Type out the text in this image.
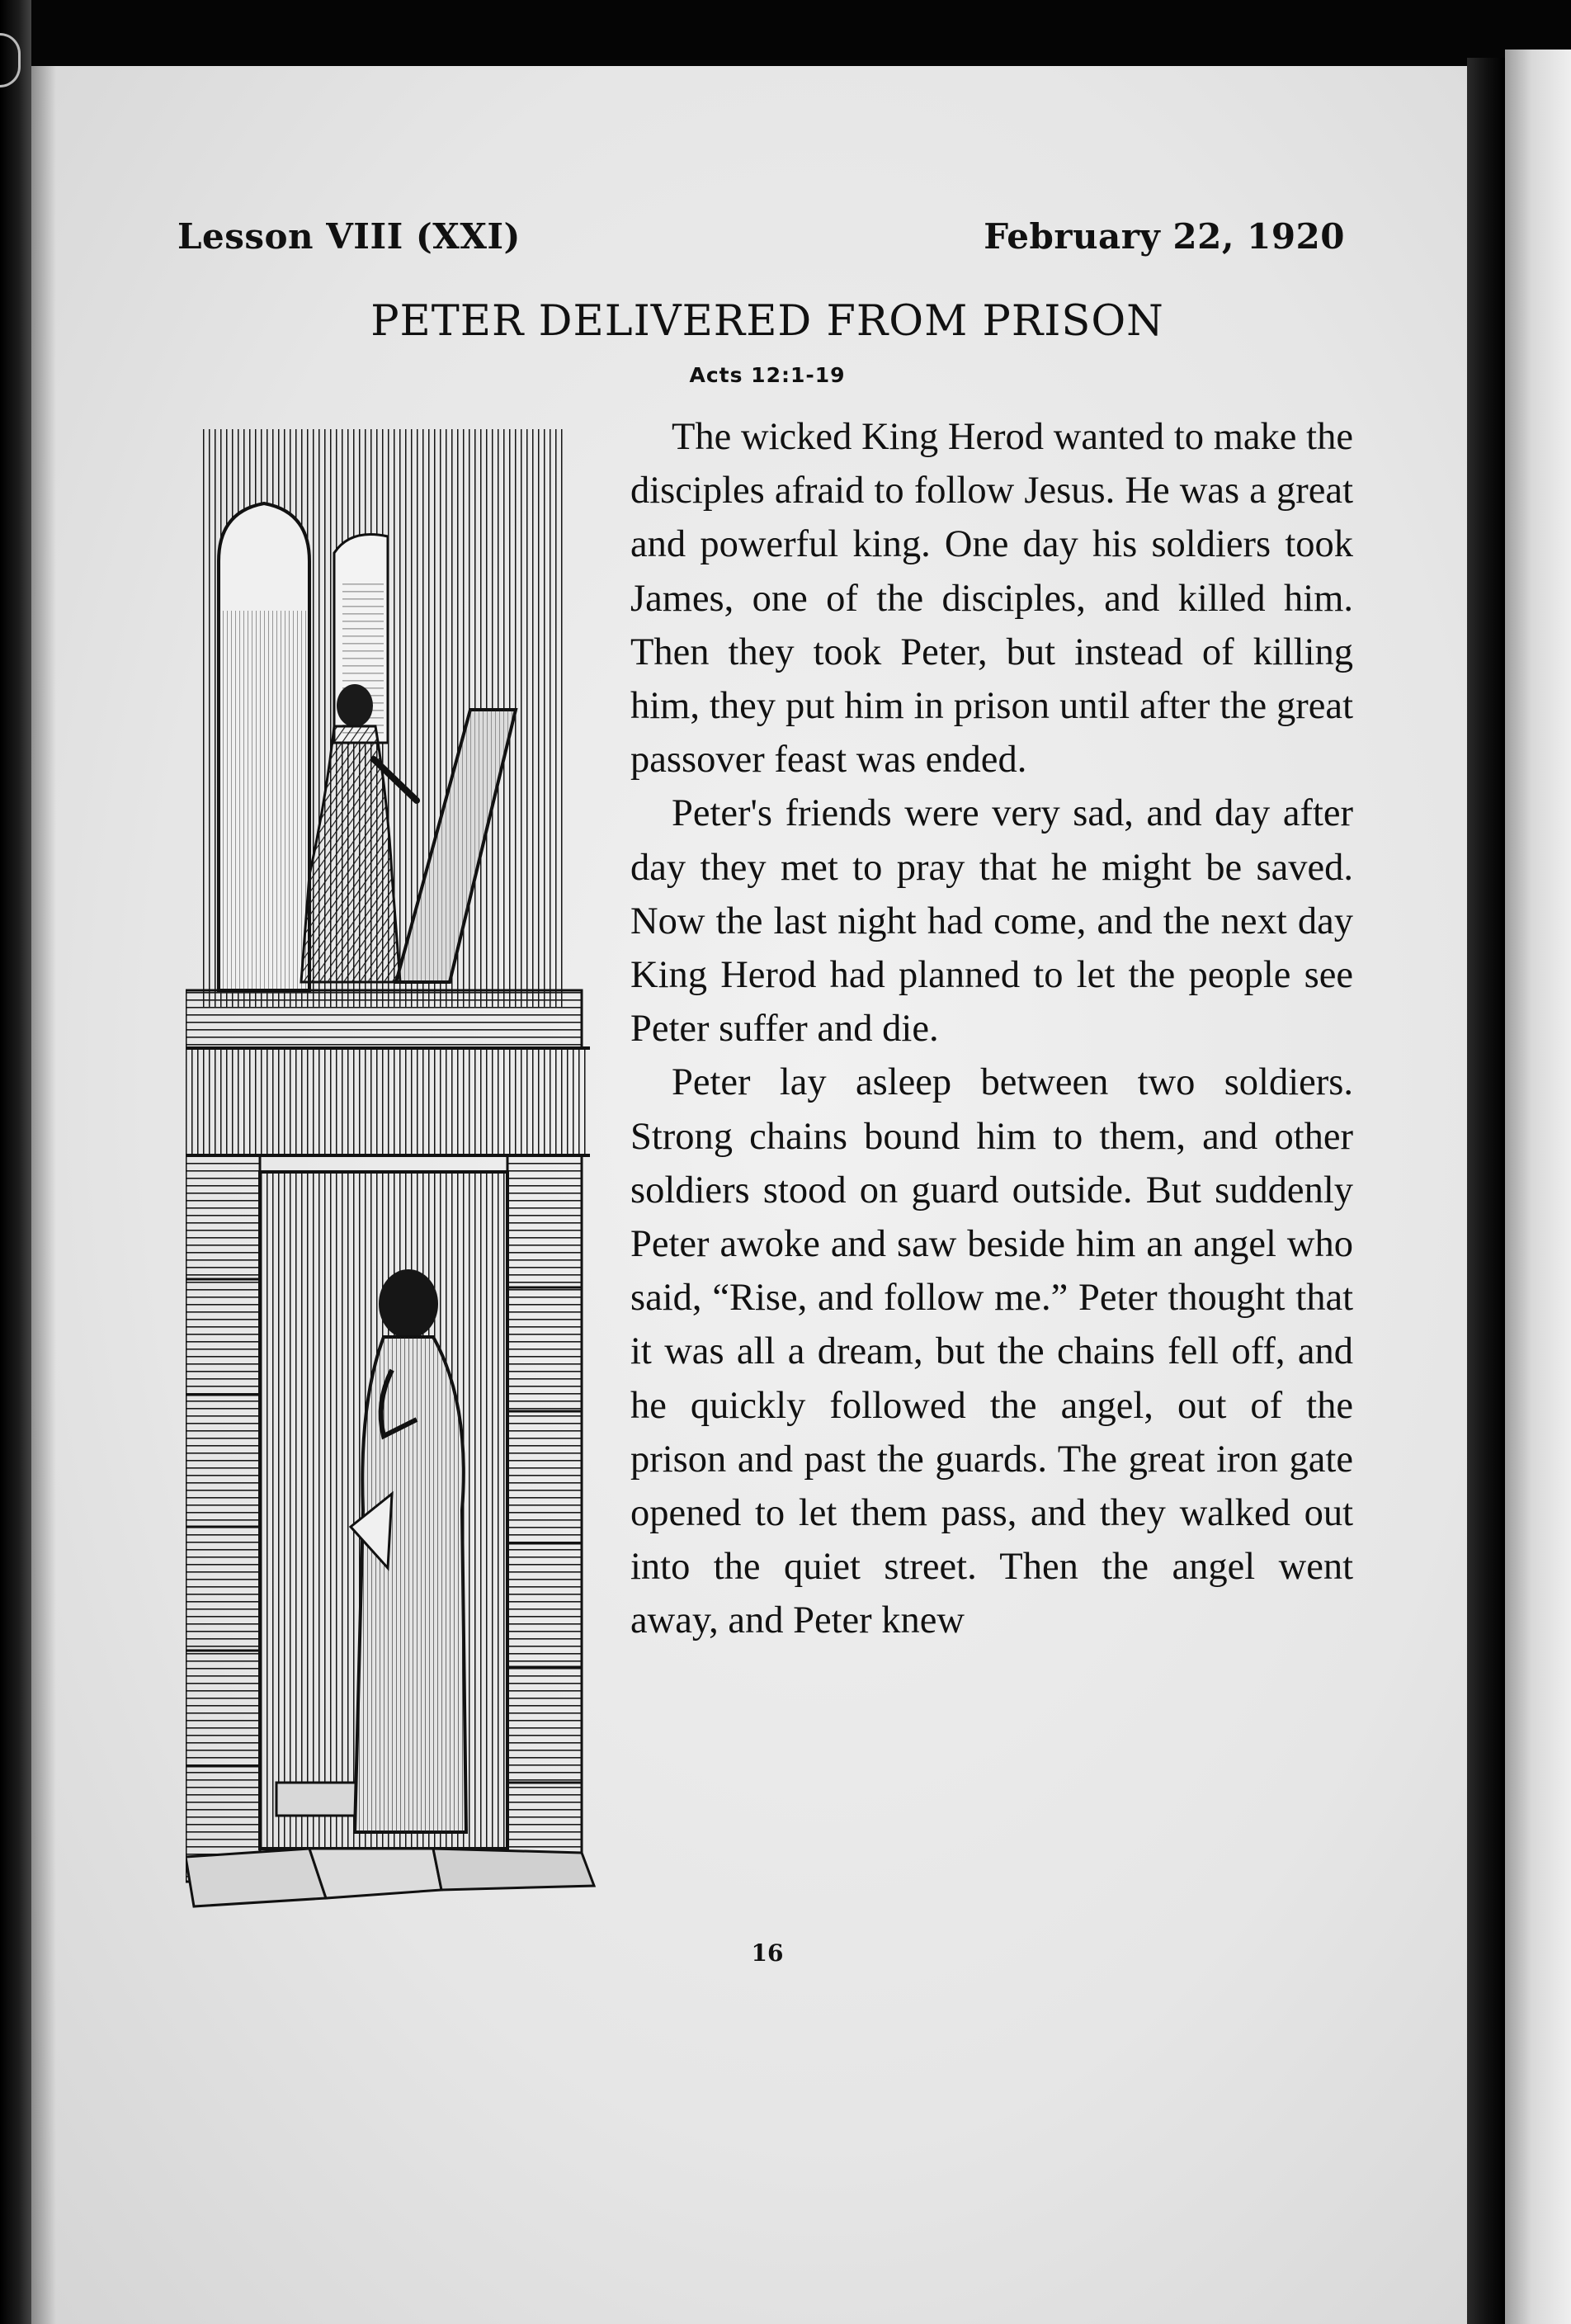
Lesson VIII (XXI)	February 22, 1920
PETER DELIVERED FROM PRISON
Acts 12:1-19

The wicked King Herod wanted to make the disciples afraid to follow Jesus. He was a great and powerful king. One day his soldiers took James, one of the disciples, and killed him. Then they took Peter, but instead of killing him, they put him in prison until after the great passover feast was ended.

Peter's friends were very sad, and day after day they met to pray that he might be saved. Now the last night had come, and the next day King Herod had planned to let the people see Peter suffer and die.

Peter lay asleep between two soldiers. Strong chains bound him to them, and other soldiers stood on guard outside. But suddenly Peter awoke and saw beside him an angel who said, “Rise, and follow me.” Peter thought that it was all a dream, but the chains fell off, and he quickly followed the angel, out of the prison and past the guards. The great iron gate opened to let them pass, and they walked out into the quiet street. Then the angel went away, and Peter knew

16
